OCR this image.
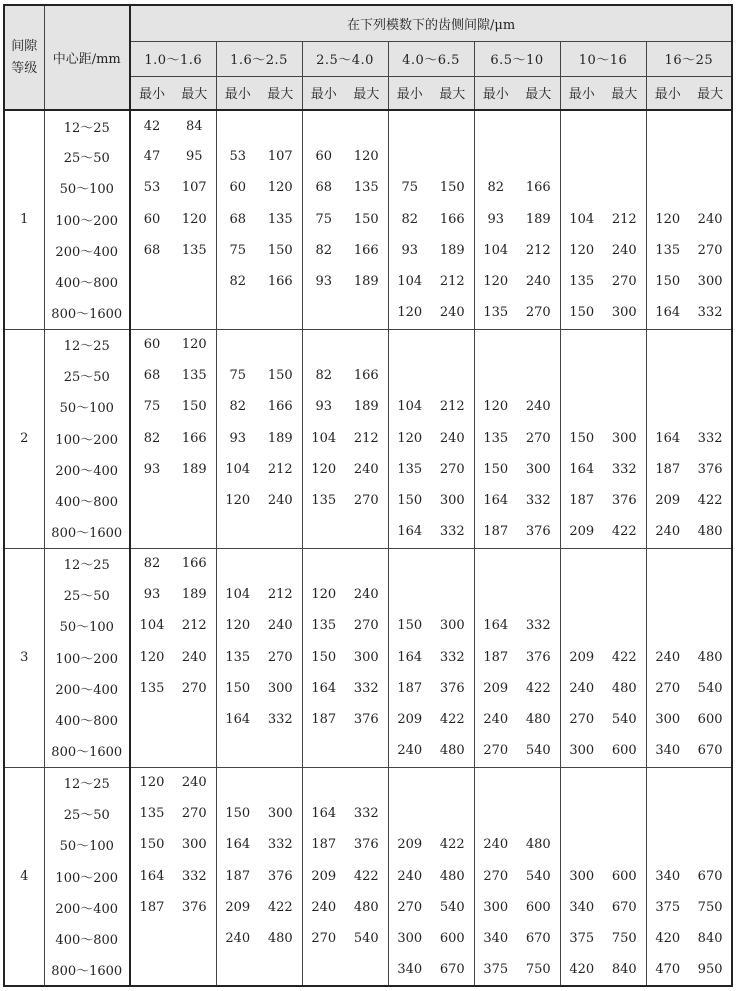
间隙
等级	中心距/mm	在下列模数下的齿侧间隙/μm													
		1.0～1.6		1.6～2.5		2.5～4.0		4.0～6.5		6.5～10		10～16		16～25	
		最小	最大	最小	最大	最小	最大	最小	最大	最小	最大	最小	最大	最小	最大
1	12～25	42	84												
	25～50	47	95	53	107	60	120								
	50～100	53	107	60	120	68	135	75	150	82	166				
	100～200	60	120	68	135	75	150	82	166	93	189	104	212	120	240
	200～400	68	135	75	150	82	166	93	189	104	212	120	240	135	270
	400～800			82	166	93	189	104	212	120	240	135	270	150	300
	800～1600							120	240	135	270	150	300	164	332
2	12～25	60	120												
	25～50	68	135	75	150	82	166								
	50～100	75	150	82	166	93	189	104	212	120	240				
	100～200	82	166	93	189	104	212	120	240	135	270	150	300	164	332
	200～400	93	189	104	212	120	240	135	270	150	300	164	332	187	376
	400～800			120	240	135	270	150	300	164	332	187	376	209	422
	800～1600							164	332	187	376	209	422	240	480
3	12～25	82	166												
	25～50	93	189	104	212	120	240								
	50～100	104	212	120	240	135	270	150	300	164	332				
	100～200	120	240	135	270	150	300	164	332	187	376	209	422	240	480
	200～400	135	270	150	300	164	332	187	376	209	422	240	480	270	540
	400～800			164	332	187	376	209	422	240	480	270	540	300	600
	800～1600							240	480	270	540	300	600	340	670
4	12～25	120	240												
	25～50	135	270	150	300	164	332								
	50～100	150	300	164	332	187	376	209	422	240	480				
	100～200	164	332	187	376	209	422	240	480	270	540	300	600	340	670
	200～400	187	376	209	422	240	480	270	540	300	600	340	670	375	750
	400～800			240	480	270	540	300	600	340	670	375	750	420	840
	800～1600							340	670	375	750	420	840	470	950
